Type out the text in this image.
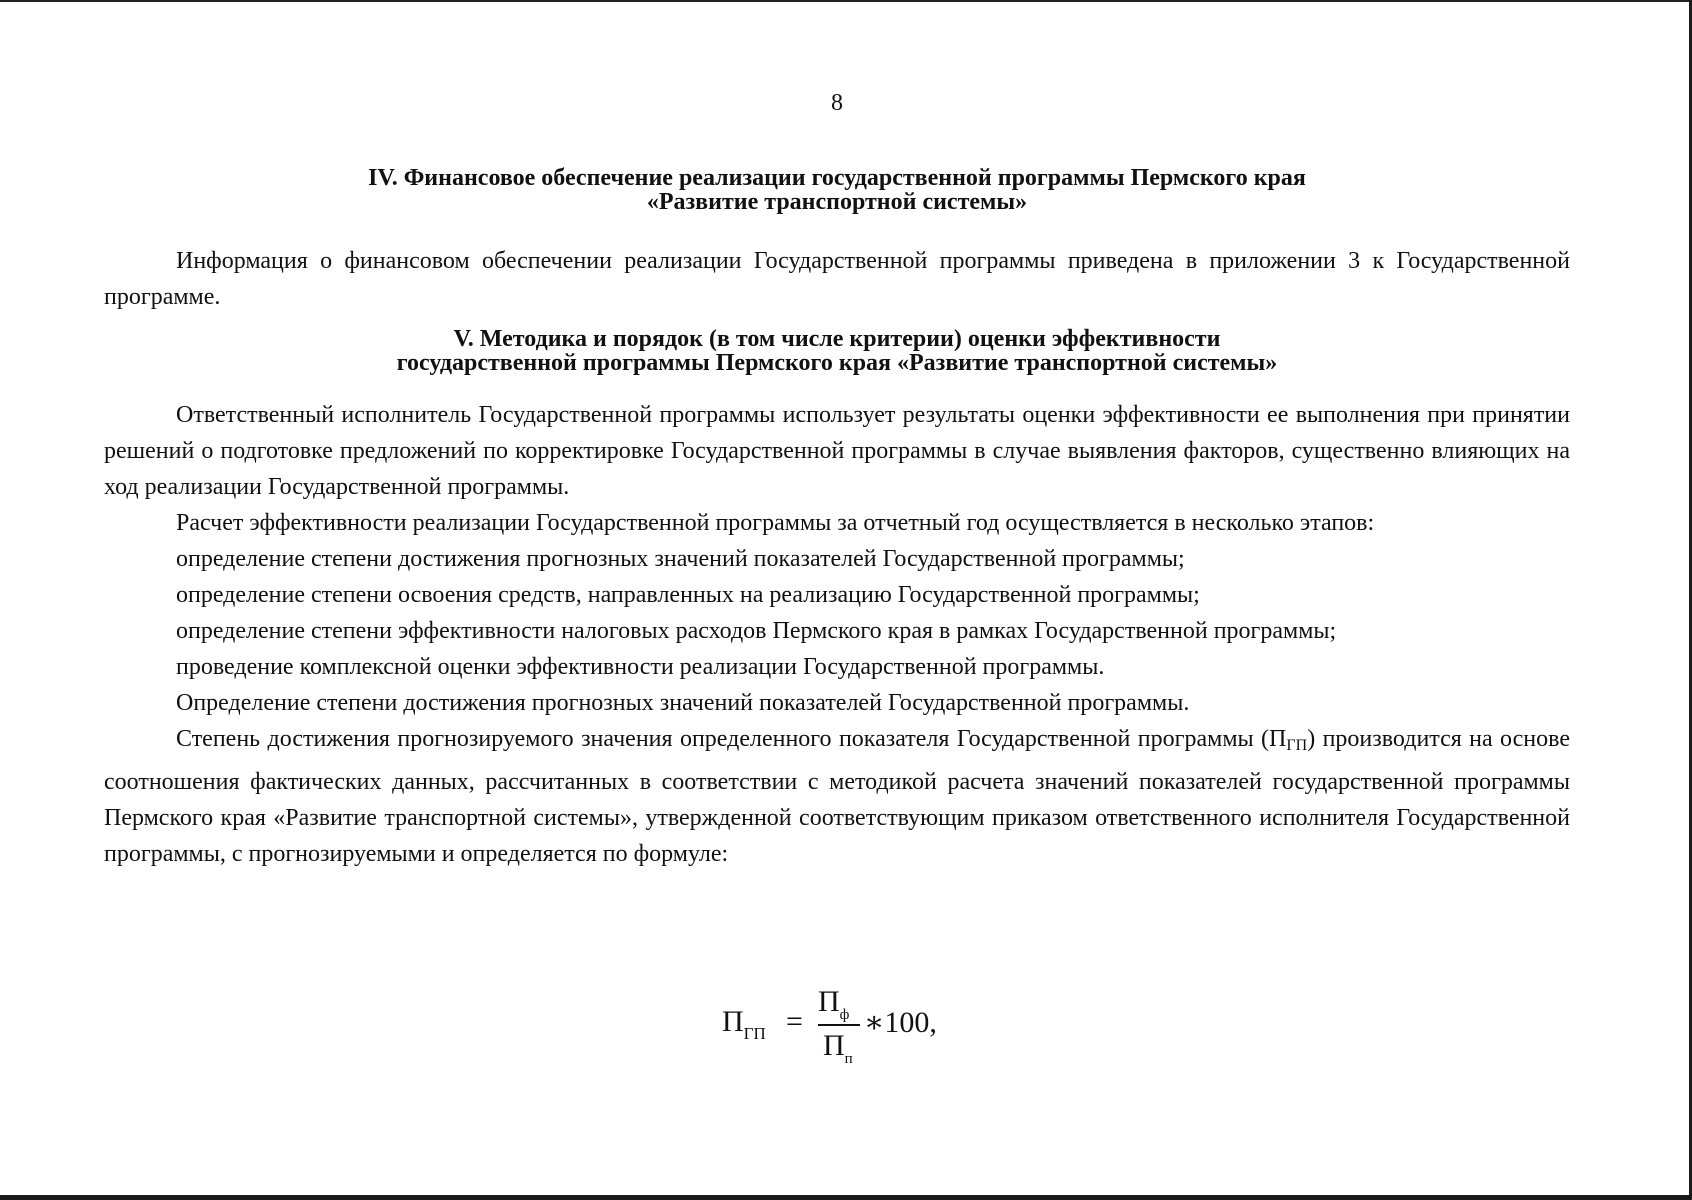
8

IV. Финансовое обеспечение реализации государственной программы Пермского края

«Развитие транспортной системы»

Информация о финансовом обеспечении реализации Государственной программы приведена в приложении 3 к Государственной программе.

V. Методика и порядок (в том числе критерии) оценки эффективности

государственной программы Пермского края «Развитие транспортной системы»

Ответственный исполнитель Государственной программы использует результаты оценки эффективности ее выполнения при принятии решений о подготовке предложений по корректировке Государственной программы в случае выявления факторов, существенно влияющих на ход реализации Государственной программы.

Расчет эффективности реализации Государственной программы за отчетный год осуществляется в несколько этапов:

определение степени достижения прогнозных значений показателей Государственной программы;

определение степени освоения средств, направленных на реализацию Государственной программы;

определение степени эффективности налоговых расходов Пермского края в рамках Государственной программы;

проведение комплексной оценки эффективности реализации Государственной программы.

Определение степени достижения прогнозных значений показателей Государственной программы.

Степень достижения прогнозируемого значения определенного показателя Государственной программы $(П_{ГП})$ производится на основе соотношения фактических данных, рассчитанных в соответствии с методикой расчета значений показателей государственной программы Пермского края «Развитие транспортной системы», утвержденной соответствующим приказом ответственного исполнителя Государственной программы, с прогнозируемыми и определяется по формуле:

$П_{ГП}$ =
$П_ф$
$П_п$
∗100,
